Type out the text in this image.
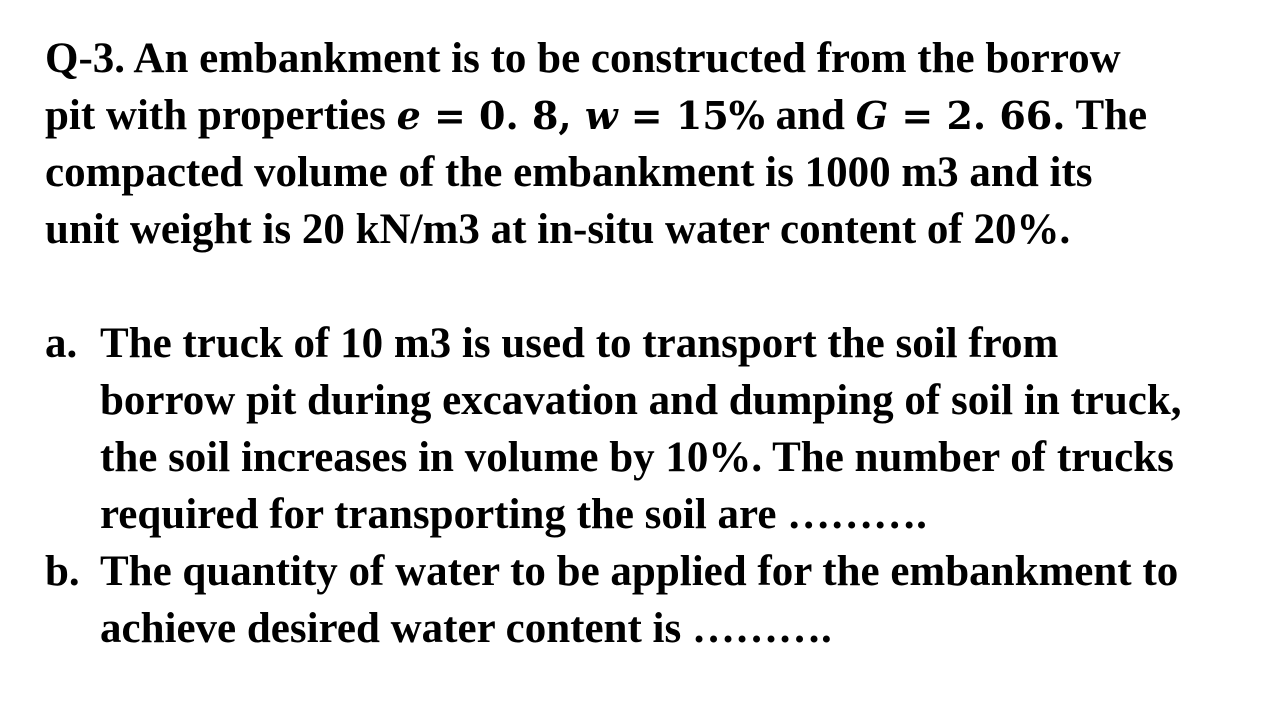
Q-3. An embankment is to be constructed from the borrow
pit with properties e = 0. 8, w = 15% and G = 2. 66. The
compacted volume of the embankment is 1000 m3 and its
unit weight is 20 kN/m3 at in-situ water content of 20%.
a. The truck of 10 m3 is used to transport the soil from
borrow pit during excavation and dumping of soil in truck,
the soil increases in volume by 10%. The number of trucks
required for transporting the soil are ……….
b. The quantity of water to be applied for the embankment to
achieve desired water content is ……….
